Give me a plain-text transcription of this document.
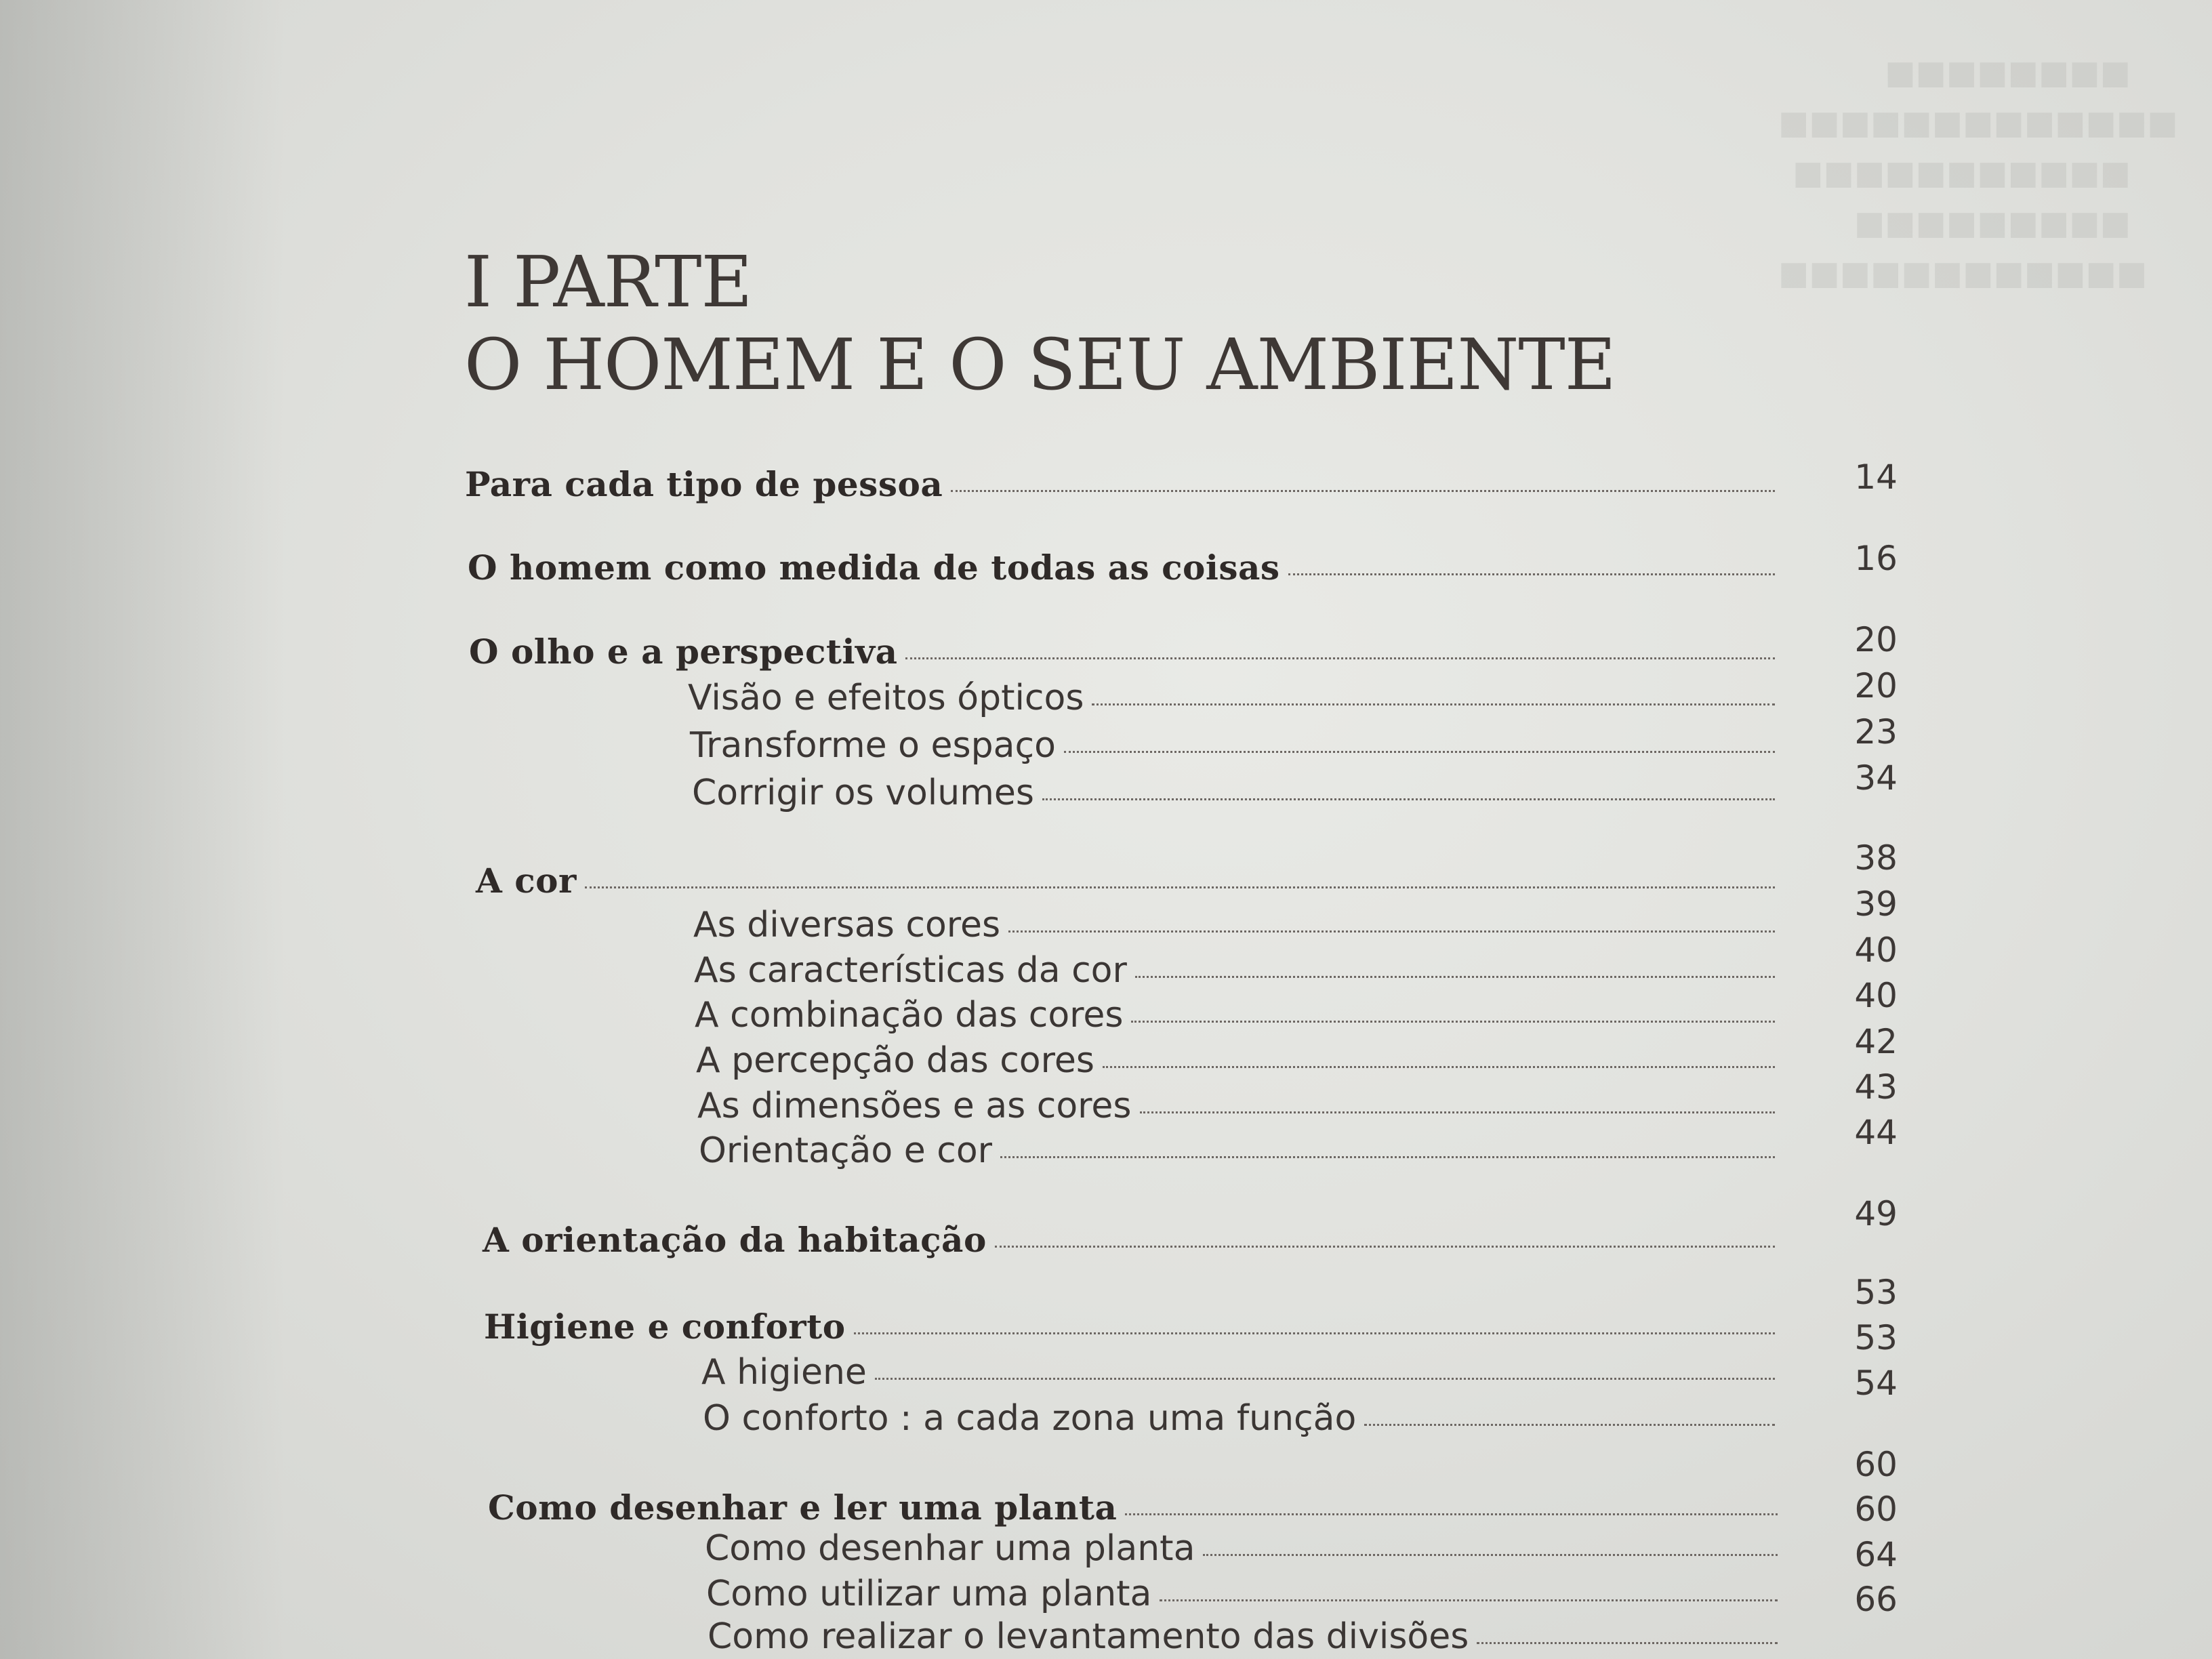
■■■■■■■■
■■■■■■■■■■■■■
■■■■■■■■■■■
■■■■■■■■■
■■■■■■■■■■■■
I PARTE
O HOMEM E O SEU AMBIENTE
Para cada tipo de pessoa
O homem como medida de todas as coisas
O olho e a perspectiva
Visão e efeitos ópticos
Transforme o espaço
Corrigir os volumes
A cor
As diversas cores
As características da cor
A combinação das cores
A percepção das cores
As dimensões e as cores
Orientação e cor
A orientação da habitação
Higiene e conforto
A higiene
O conforto : a cada zona uma função
Como desenhar e ler uma planta
Como desenhar uma planta
Como utilizar uma planta
Como realizar o levantamento das divisões
14
16
20
20
23
34
38
39
40
40
42
43
44
49
53
53
54
60
60
64
66
